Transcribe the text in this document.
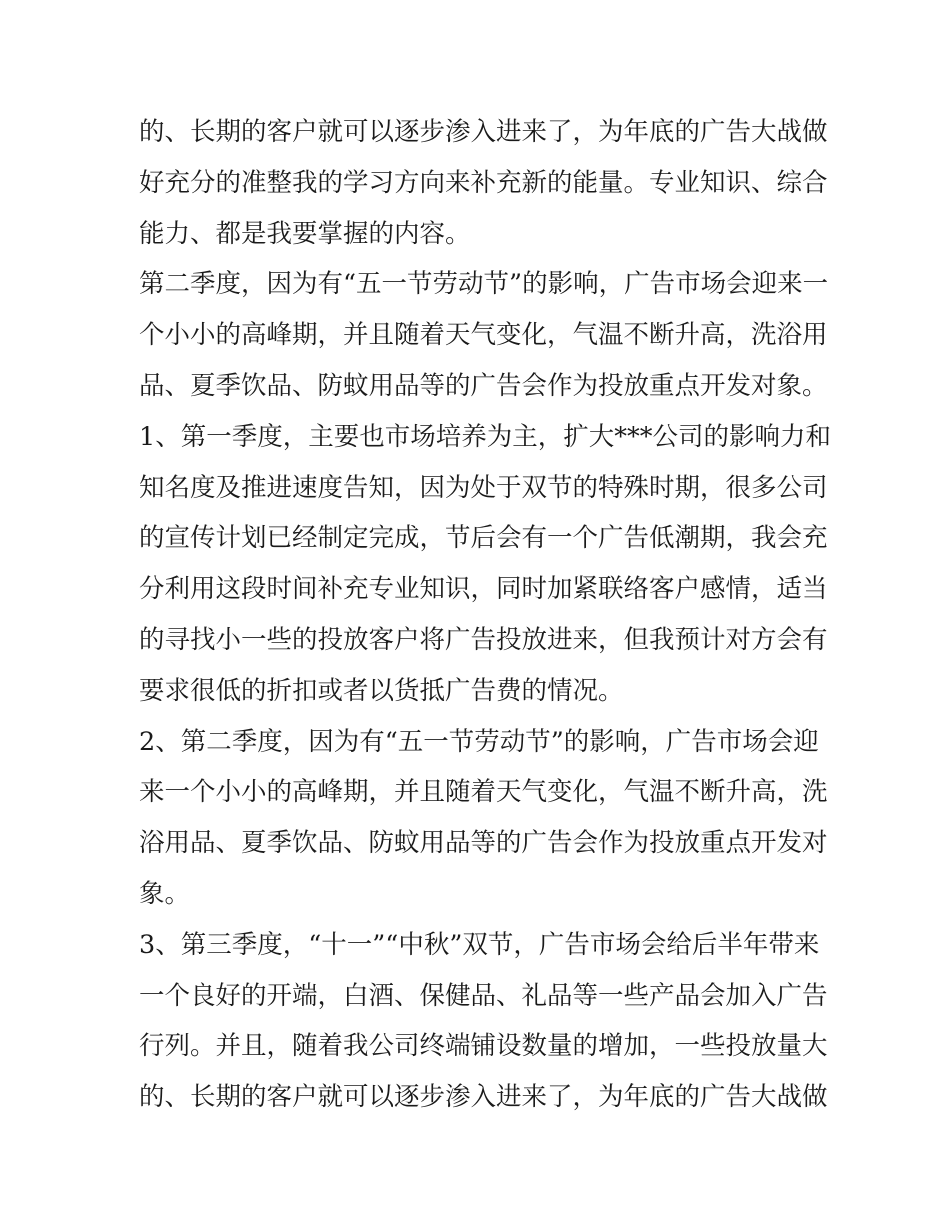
的、长期的客户就可以逐步渗入进来了，为年底的广告大战做
好充分的准整我的学习方向来补充新的能量。专业知识、综合
能力、都是我要掌握的内容。
第二季度，因为有“五一节劳动节”的影响，广告市场会迎来一
个小小的高峰期，并且随着天气变化，气温不断升高，洗浴用
品、夏季饮品、防蚊用品等的广告会作为投放重点开发对象。
1、第一季度，主要也市场培养为主，扩大***公司的影响力和
知名度及推进速度告知，因为处于双节的特殊时期，很多公司
的宣传计划已经制定完成，节后会有一个广告低潮期，我会充
分利用这段时间补充专业知识，同时加紧联络客户感情，适当
的寻找小一些的投放客户将广告投放进来，但我预计对方会有
要求很低的折扣或者以货抵广告费的情况。
2、第二季度，因为有“五一节劳动节”的影响，广告市场会迎
来一个小小的高峰期，并且随着天气变化，气温不断升高，洗
浴用品、夏季饮品、防蚊用品等的广告会作为投放重点开发对
象。
3、第三季度，“十一”“中秋”双节，广告市场会给后半年带来
一个良好的开端，白酒、保健品、礼品等一些产品会加入广告
行列。并且，随着我公司终端铺设数量的增加，一些投放量大
的、长期的客户就可以逐步渗入进来了，为年底的广告大战做
